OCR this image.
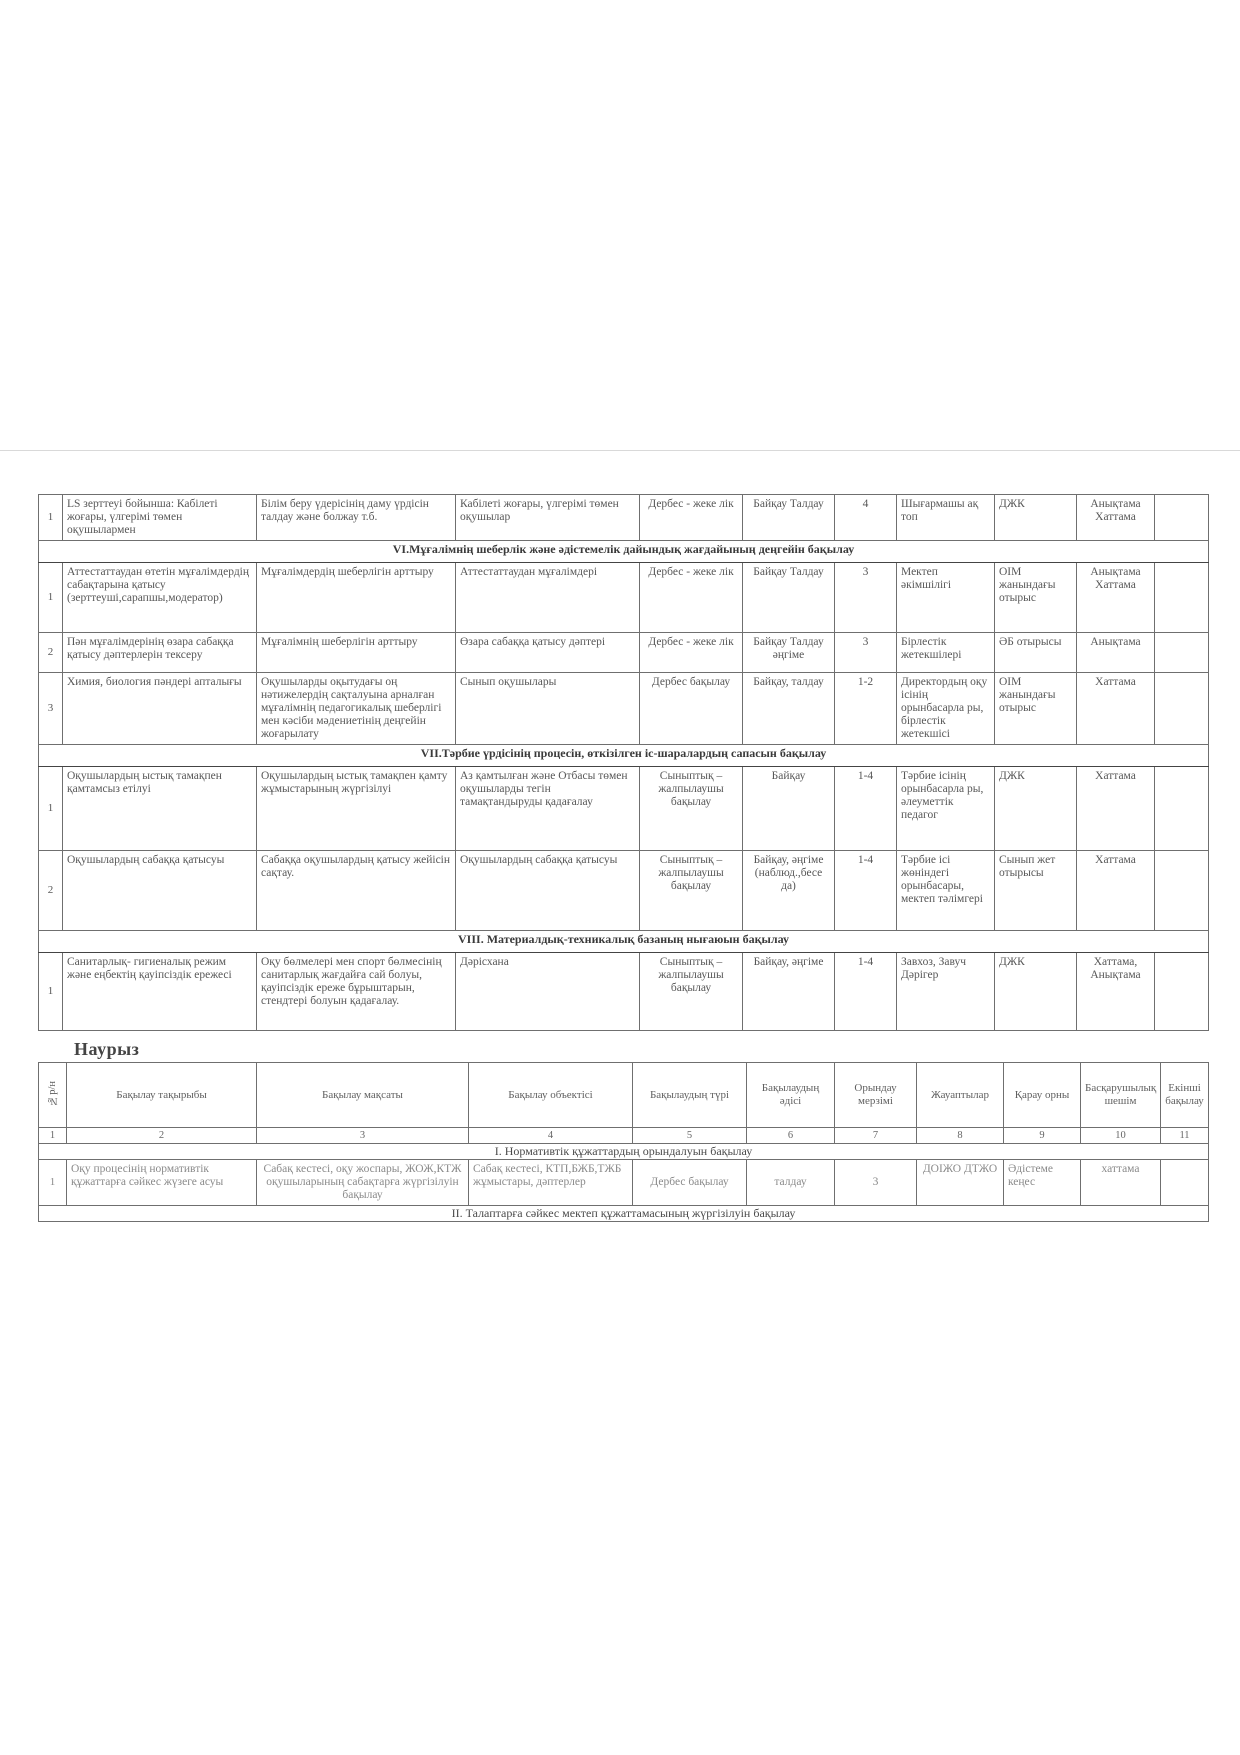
1	LS зерттеуі бойынша: Кабілеті жоғары, үлгерімі төмен оқушылармен	Білім беру үдерісінің даму үрдісін талдау және болжау т.б.	Кабілеті жоғары, үлгерімі төмен оқушылар	Дербес - жеке лік	Байқау Талдау	4	Шығармашы ақ топ	ДЖК	Анықтама Хаттама	
VI.Мұғалімнің шеберлік және әдістемелік дайындық жағдайының деңгейін бақылау										
1	Аттестаттаудан өтетін мұғалімдердің сабақтарына қатысу (зерттеуші,сарапшы,модератор)	Мұғалімдердің шеберлігін арттыру	Аттестаттаудан мұғалімдері	Дербес - жеке лік	Байқау Талдау	3	Мектеп әкімшілігі	ОІМ жанындағы отырыс	Анықтама Хаттама	
2	Пән мұғалімдерінің өзара сабаққа қатысу дәптерлерін тексеру	Мұғалімнің шеберлігін арттыру	Өзара сабаққа қатысу дәптері	Дербес - жеке лік	Байқау Талдау әңгіме	3	Бірлестік жетекшілері	ӘБ отырысы	Анықтама	
3	Химия, биология пәндері апталығы	Оқушыларды оқытудағы оң нәтижелердің сақталуына арналған мұғалімнің педагогикалық шеберлігі мен кәсіби мәдениетінің деңгейін жоғарылату	Сынып оқушылары	Дербес бақылау	Байқау, талдау	1-2	Директордың оқу ісінің орынбасарла ры, бірлестік жетекшісі	ОІМ жанындағы отырыс	Хаттама	
VII.Тәрбие үрдісінің процесін, өткізілген іс-шаралардың сапасын бақылау										
1	Оқушылардың ыстық тамақпен қамтамсыз етілуі	Оқушылардың ыстық тамақпен қамту жұмыстарының жүргізілуі	Аз қамтылған және Отбасы төмен оқушыларды тегін тамақтандыруды қадағалау	Сыныптық – жалпылаушы бақылау	Байқау	1-4	Тәрбие ісінің орынбасарла ры, әлеуметтік педагог	ДЖК	Хаттама	
2	Оқушылардың сабаққа қатысуы	Сабаққа оқушылардың қатысу жейісін сақтау.	Оқушылардың сабаққа қатысуы	Сыныптық – жалпылаушы бақылау	Байқау, әңгіме (наблюд.,бесе да)	1-4	Тәрбие ісі жөніндегі орынбасары, мектеп тәлімгері	Сынып жет отырысы	Хаттама	
VIII. Материалдық-техникалық базаның нығаюын бақылау										
1	Санитарлық- гигиеналық режим және еңбектің қауіпсіздік ережесі	Оқу бөлмелері мен спорт бөлмесінің санитарлық жағдайға сай болуы, қауіпсіздік ереже бұрыштарын, стендтері болуын қадағалау.	Дәрісхана	Сыныптық – жалпылаушы бақылау	Байқау, әңгіме	1-4	Завхоз, Завуч Дәрігер	ДЖК	Хаттама, Анықтама	
Наурыз
№р/н	Бақылау тақырыбы	Бақылау мақсаты	Бақылау объектісі	Бақылаудың түрі	Бақылаудың әдісі	Орындау мерзімі	Жауаптылар	Қарау орны	Басқарушылық шешім	Екінші бақылау
1	2	3	4	5	6	7	8	9	10	11
І. Нормативтік құжаттардың орындалуын бақылау										
1	Оқу процесінің нормативтік құжаттарға сәйкес жүзеге асуы	Сабақ кестесі, оқу жоспары, ЖОЖ,КТЖ оқушыларының сабақтарға жүргізілуін бақылау	Сабақ кестесі, КТП,БЖБ,ТЖБ жұмыстары, дәптерлер	Дербес бақылау	талдау	3	ДОІЖО ДТЖО	Әдістеме кеңес	хаттама	
ІІ. Талаптарға сәйкес мектеп құжаттамасының жүргізілуін бақылау										
